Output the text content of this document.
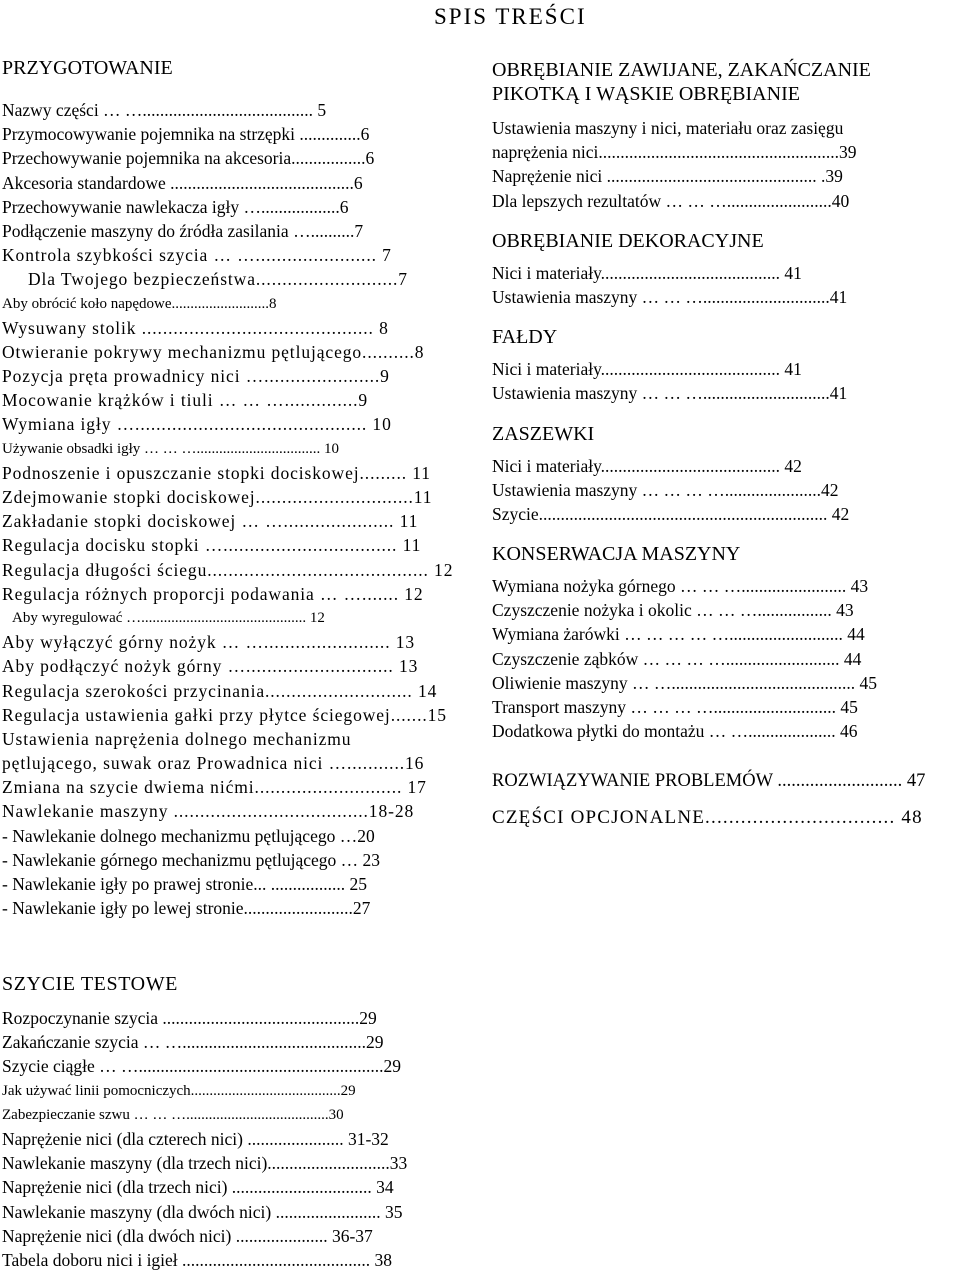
SPIS TREŚCI
PRZYGOTOWANIE
Nazwy części … …....................................... 5
Przymocowywanie pojemnika na strzępki ..............6
Przechowywanie pojemnika na akcesoria.................6
Akcesoria standardowe ..........................................6
Przechowywanie nawlekacza igły …..................6
Podłączenie maszyny do źródła zasilania …..........7
Kontrola szybkości szycia … …....................... 7
Dla Twojego bezpieczeństwa...........................7
Aby obrócić koło napędowe..........................8
Wysuwany stolik ............................................ 8
Otwieranie pokrywy mechanizmu pętlującego..........8
Pozycja pręta prowadnicy nici …......................9
Mocowanie krążków i tiuli … … …..............9
Wymiana igły …............................................ 10
Używanie obsadki igły … … …................................. 10
Podnoszenie i opuszczanie stopki dociskowej......... 11
Zdejmowanie stopki dociskowej..............................11
Zakładanie stopki dociskowej … …..................... 11
Regulacja docisku stopki …................................. 11
Regulacja długości ściegu.......................................... 12
Regulacja różnych proporcji podawania … …....... 12
Aby wyregulować …............................................ 12
Aby wyłączyć górny nożyk … …........................ 13
Aby podłączyć nożyk górny …............................ 13
Regulacja szerokości przycinania............................ 14
Regulacja ustawienia gałki przy płytce ściegowej.......15
Ustawienia naprężenia dolnego mechanizmu
pętlującego, suwak oraz Prowadnica nici …...........16
Zmiana na szycie dwiema nićmi............................ 17
Nawlekanie maszyny .....................................18-28
- Nawlekanie dolnego mechanizmu pętlującego …20
- Nawlekanie górnego mechanizmu pętlującego … 23
- Nawlekanie igły po prawej stronie... ................. 25
- Nawlekanie igły po lewej stronie.........................27
OBRĘBIANIE ZAWIJANE, ZAKAŃCZANIE
PIKOTKĄ I WĄSKIE OBRĘBIANIE
Ustawienia maszyny i nici, materiału oraz zasięgu
naprężenia nici.......................................................39
Naprężenie nici ................................................ .39
Dla lepszych rezultatów … … …........................40
OBRĘBIANIE DEKORACYJNE
Nici i materiały......................................... 41
Ustawienia maszyny … … ….............................41
FAŁDY
Nici i materiały......................................... 41
Ustawienia maszyny … … ….............................41
ZASZEWKI
Nici i materiały......................................... 42
Ustawienia maszyny … … … …......................42
Szycie.................................................................. 42
KONSERWACJA MASZYNY
Wymiana nożyka górnego … … …........................ 43
Czyszczenie nożyka i okolic … … …................. 43
Wymiana żarówki … … … … ….......................... 44
Czyszczenie ząbków … … … ….......................... 44
Oliwienie maszyny … ….......................................... 45
Transport maszyny … … … …............................ 45
Dodatkowa płytki do montażu … ….................... 46
ROZWIĄZYWANIE PROBLEMÓW ........................... 47
CZĘŚCI OPCJONALNE................................ 48
SZYCIE TESTOWE
Rozpoczynanie szycia .............................................29
Zakańczanie szycia … …..........................................29
Szycie ciągłe … …........................................................29
Jak używać linii pomocniczych........................................29
Zabezpieczanie szwu … … …......................................30
Naprężenie nici (dla czterech nici) ...................... 31-32
Nawlekanie maszyny (dla trzech nici)............................33
Naprężenie nici (dla trzech nici) ................................ 34
Nawlekanie maszyny (dla dwóch nici) ........................ 35
Naprężenie nici (dla dwóch nici) ..................... 36-37
Tabela doboru nici i igieł ........................................... 38
